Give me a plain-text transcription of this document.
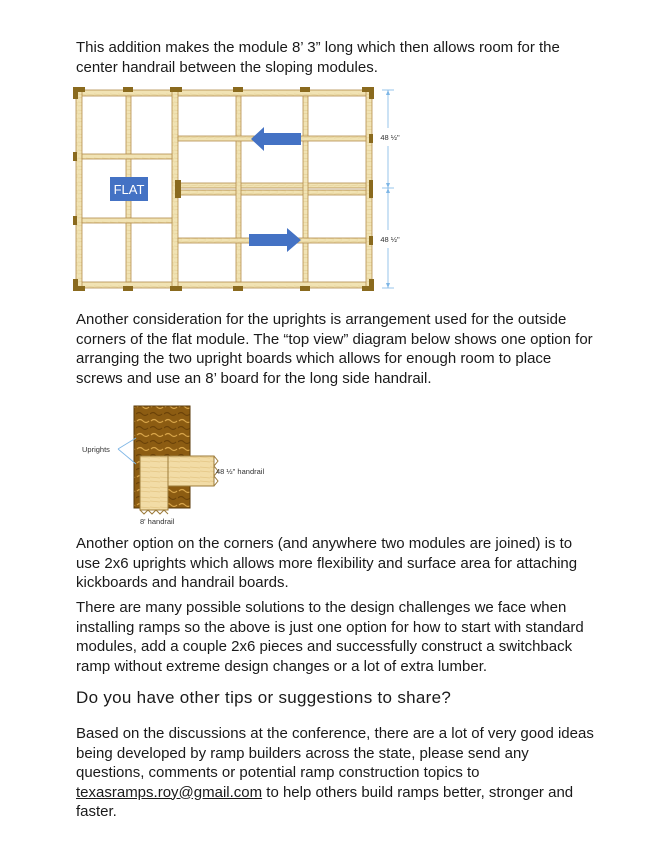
This addition makes the module 8’ 3” long which then allows room for the center handrail between the sloping modules.

FLAT
48 ½"
48 ½"

Another consideration for the uprights is arrangement used for the outside corners of the flat module. The “top view” diagram below shows one option for arranging the two upright boards which allows for enough room to place screws and use an 8’ board for the long side handrail.

Uprights
48 ½" handrail
8' handrail

Another option on the corners (and anywhere two modules are joined) is to use 2x6 uprights which allows more flexibility and surface area for attaching kickboards and handrail boards.

There are many possible solutions to the design challenges we face when installing ramps so the above is just one option for how to start with standard modules, add a couple 2x6 pieces and successfully construct a switchback ramp without extreme design changes or a lot of extra lumber.

Do you have other tips or suggestions to share?

Based on the discussions at the conference, there are a lot of very good ideas being developed by ramp builders across the state, please send any questions, comments or potential ramp construction topics to texasramps.roy@gmail.com to help others build ramps better, stronger and faster.
